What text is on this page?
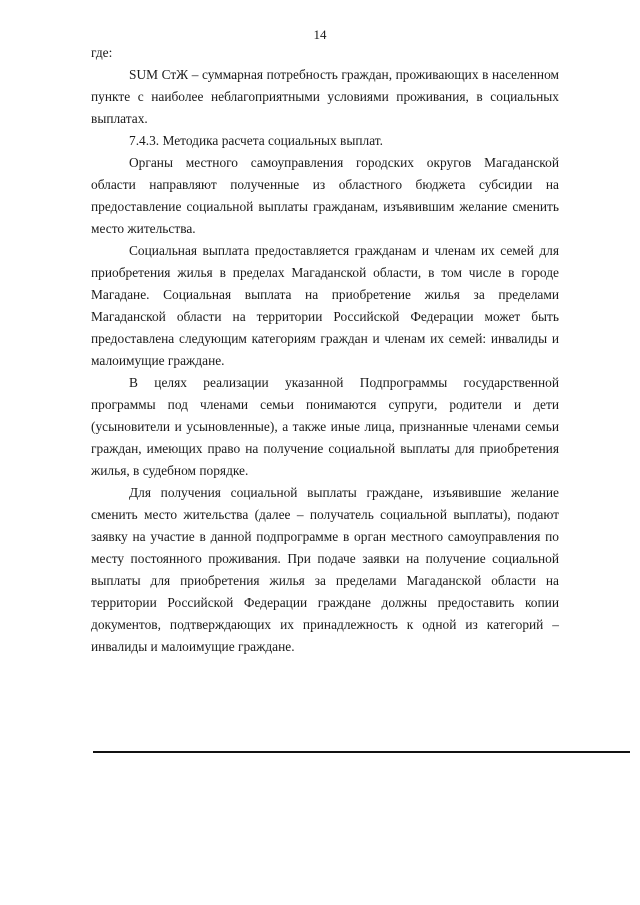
14

где:

SUM СтЖ – суммарная потребность граждан, проживающих в населенном пункте с наиболее неблагоприятными условиями проживания, в социальных выплатах.

7.4.3. Методика расчета социальных выплат.

Органы местного самоуправления городских округов Магаданской области направляют полученные из областного бюджета субсидии на предоставление социальной выплаты гражданам, изъявившим желание сменить место жительства.

Социальная выплата предоставляется гражданам и членам их семей для приобретения жилья в пределах Магаданской области, в том числе в городе Магадане. Социальная выплата на приобретение жилья за пределами Магаданской области на территории Российской Федерации может быть предоставлена следующим категориям граждан и членам их семей: инвалиды и малоимущие граждане.

В целях реализации указанной Подпрограммы государственной программы под членами семьи понимаются супруги, родители и дети (усыновители и усыновленные), а также иные лица, признанные членами семьи граждан, имеющих право на получение социальной выплаты для приобретения жилья, в судебном порядке.

Для получения социальной выплаты граждане, изъявившие желание сменить место жительства (далее – получатель социальной выплаты), подают заявку на участие в данной подпрограмме в орган местного самоуправления по месту постоянного проживания. При подаче заявки на получение социальной выплаты для приобретения жилья за пределами Магаданской области на территории Российской Федерации граждане должны предоставить копии документов, подтверждающих их принадлежность к одной из категорий – инвалиды и малоимущие граждане.
